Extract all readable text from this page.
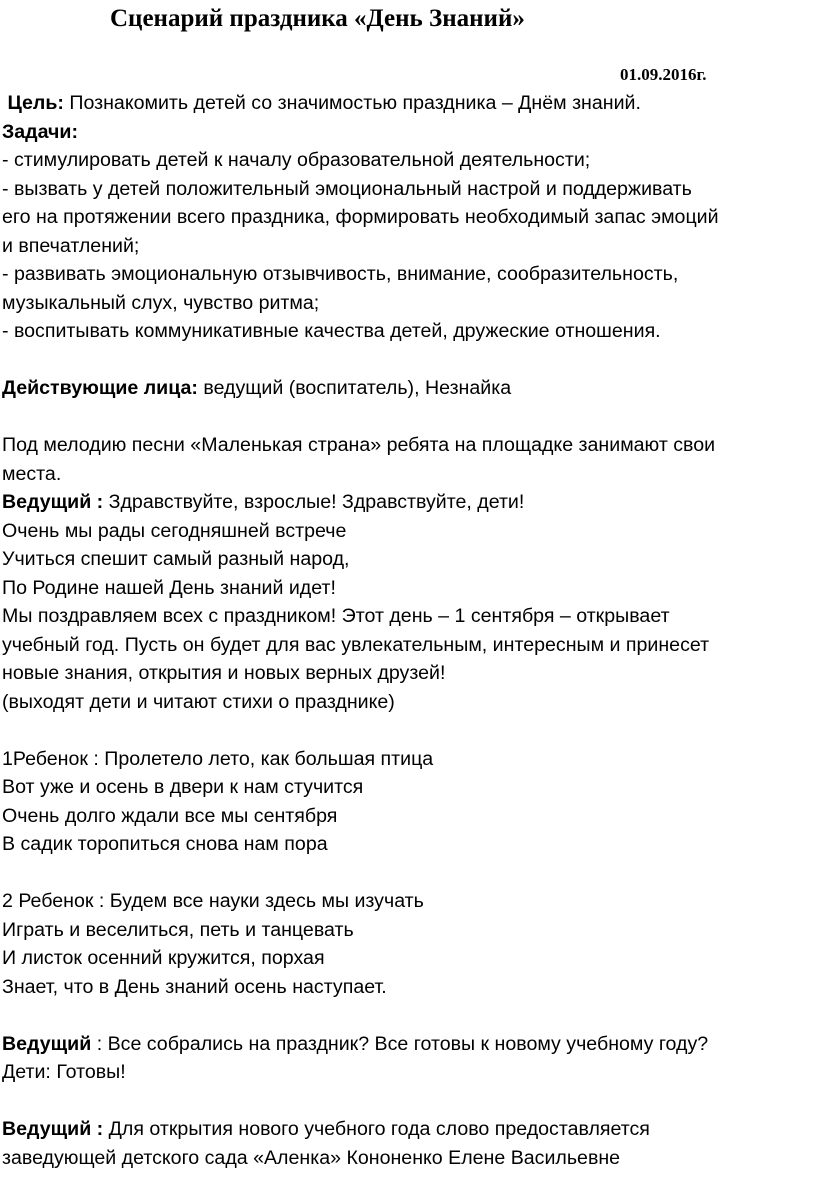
Сценарий праздника «День Знаний»
01.09.2016г.
Цель: Познакомить детей со значимостью праздника – Днём знаний.
Задачи:
- стимулировать детей к началу образовательной деятельности;
- вызвать у детей положительный эмоциональный настрой и поддерживать
его на протяжении всего праздника, формировать необходимый запас эмоций
и впечатлений;
- развивать эмоциональную отзывчивость, внимание, сообразительность,
музыкальный слух, чувство ритма;
- воспитывать коммуникативные качества детей, дружеские отношения.
Действующие лица: ведущий (воспитатель), Незнайка
Под мелодию песни «Маленькая страна» ребята на площадке занимают свои
места.
Ведущий : Здравствуйте, взрослые! Здравствуйте, дети!
Очень мы рады сегодняшней встрече
Учиться спешит самый разный народ,
По Родине нашей День знаний идет!
Мы поздравляем всех с праздником! Этот день – 1 сентября – открывает
учебный год. Пусть он будет для вас увлекательным, интересным и принесет
новые знания, открытия и новых верных друзей!
(выходят дети и читают стихи о празднике)
1Ребенок : Пролетело лето, как большая птица
Вот уже и осень в двери к нам стучится
Очень долго ждали все мы сентября
В садик торопиться снова нам пора
2 Ребенок : Будем все науки здесь мы изучать
Играть и веселиться, петь и танцевать
И листок осенний кружится, порхая
Знает, что в День знаний осень наступает.
Ведущий : Все собрались на праздник? Все готовы к новому учебному году?
Дети: Готовы!
Ведущий : Для открытия нового учебного года слово предоставляется
заведующей детского сада «Аленка» Кононенко Елене Васильевне
